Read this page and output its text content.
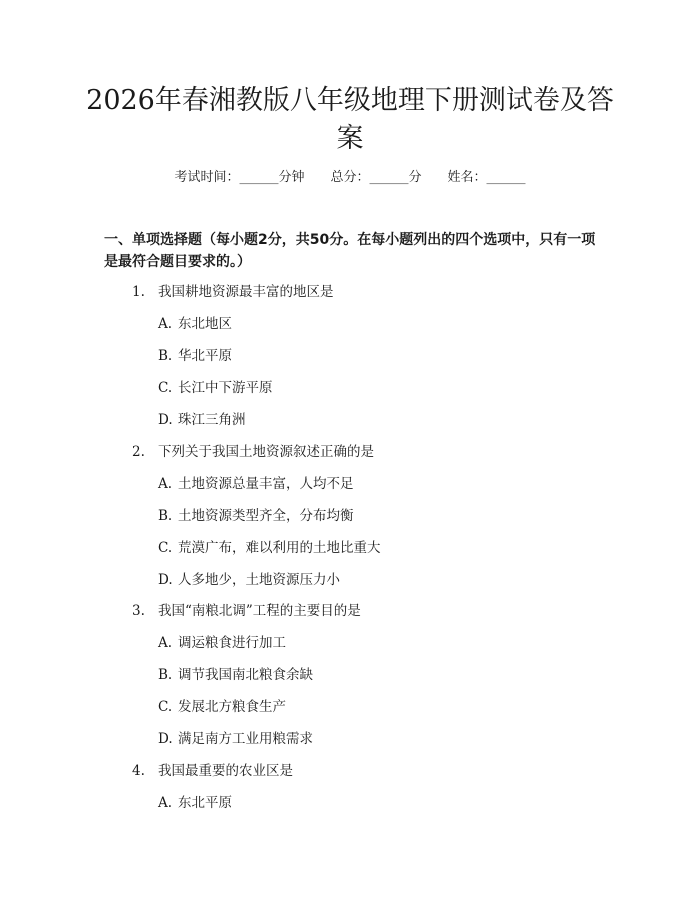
2026年春湘教版八年级地理下册测试卷及答案
考试时间：______分钟 总分：______分 姓名：______
一、单项选择题（每小题2分，共50分。在每小题列出的四个选项中，只有一项是最符合题目要求的。）
1. 我国耕地资源最丰富的地区是
A. 东北地区
B. 华北平原
C. 长江中下游平原
D. 珠江三角洲
2. 下列关于我国土地资源叙述正确的是
A. 土地资源总量丰富，人均不足
B. 土地资源类型齐全，分布均衡
C. 荒漠广布，难以利用的土地比重大
D. 人多地少，土地资源压力小
3. 我国“南粮北调”工程的主要目的是
A. 调运粮食进行加工
B. 调节我国南北粮食余缺
C. 发展北方粮食生产
D. 满足南方工业用粮需求
4. 我国最重要的农业区是
A. 东北平原
